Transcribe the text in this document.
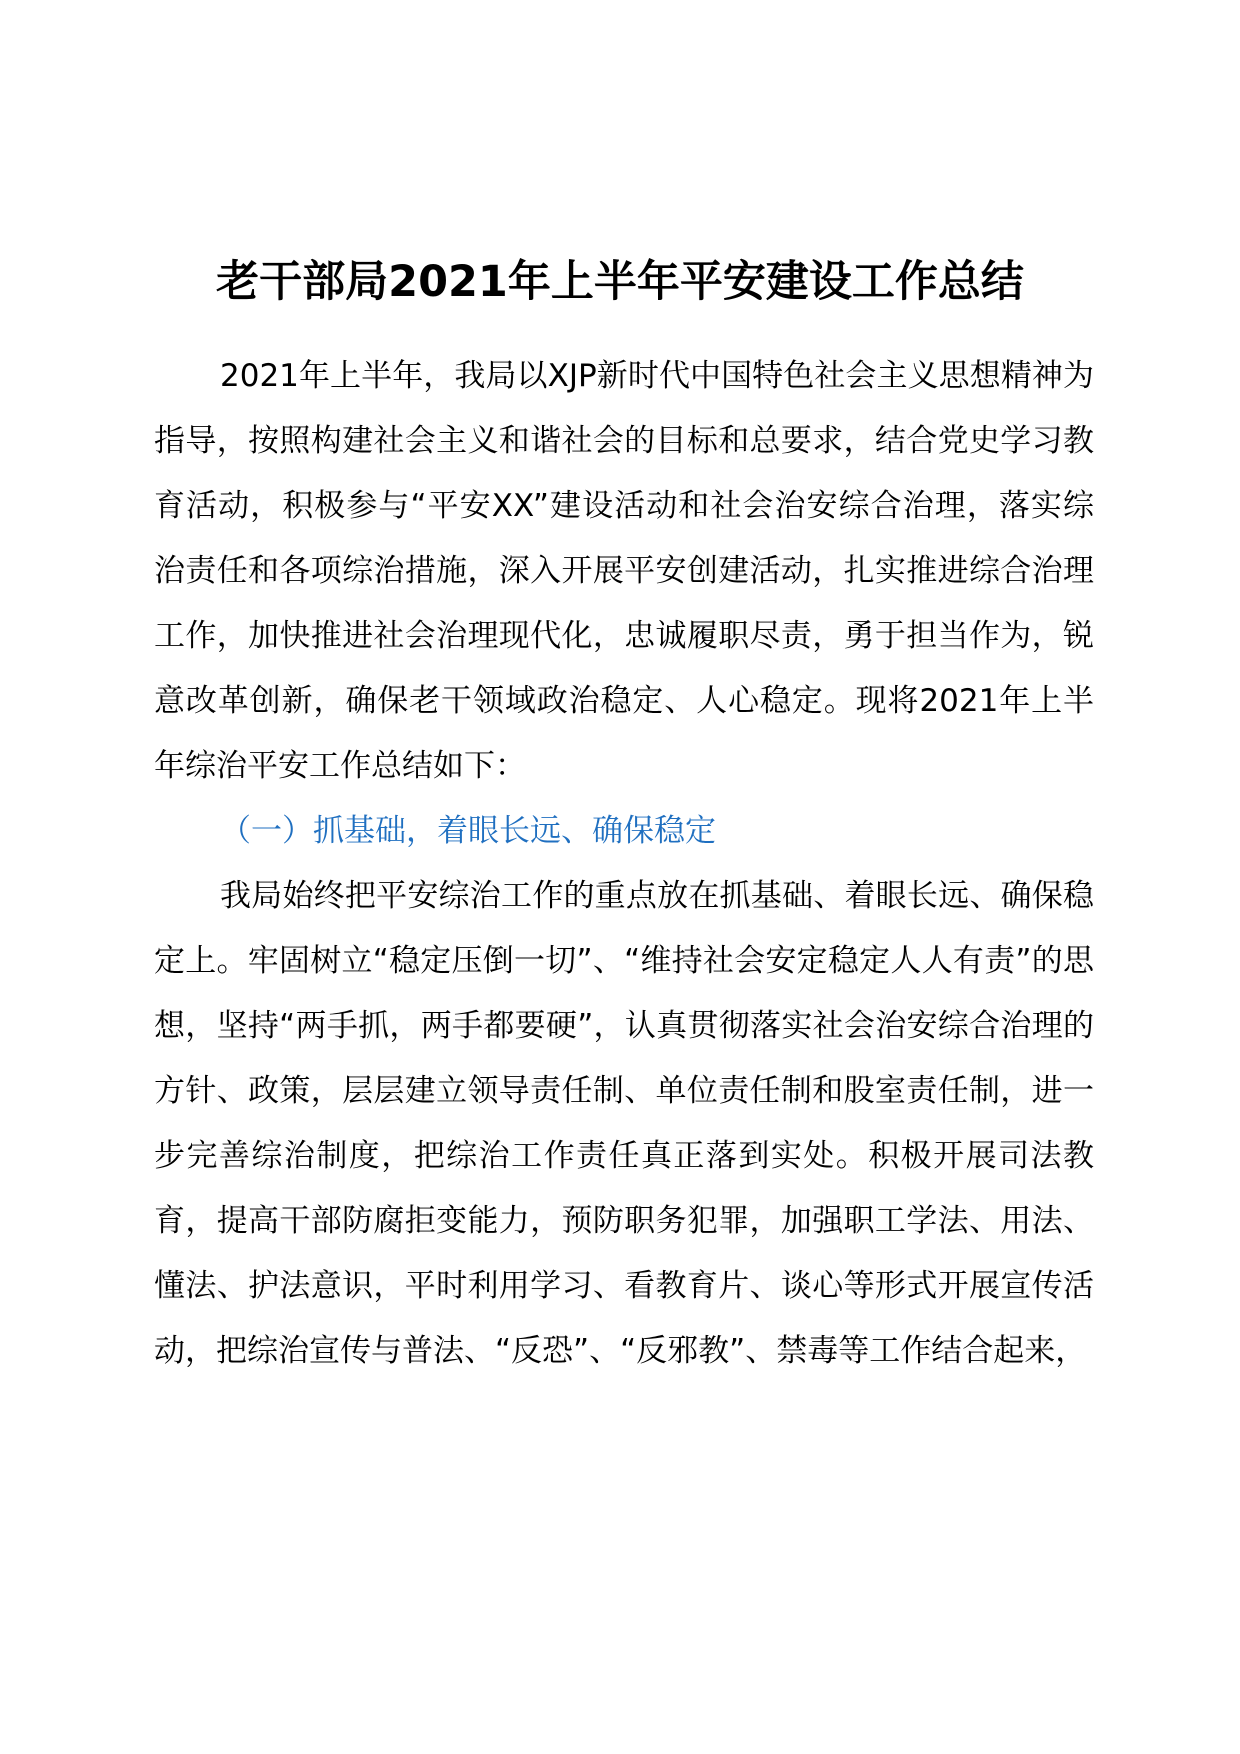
老干部局2021年上半年平安建设工作总结

2021年上半年，我局以XJP新时代中国特色社会主义思想精神为指导，按照构建社会主义和谐社会的目标和总要求，结合党史学习教育活动，积极参与“平安XX”建设活动和社会治安综合治理，落实综治责任和各项综治措施，深入开展平安创建活动，扎实推进综合治理工作，加快推进社会治理现代化，忠诚履职尽责，勇于担当作为，锐意改革创新，确保老干领域政治稳定、人心稳定。现将2021年上半年综治平安工作总结如下：

（一）抓基础，着眼长远、确保稳定

我局始终把平安综治工作的重点放在抓基础、着眼长远、确保稳定上。牢固树立“稳定压倒一切”、“维持社会安定稳定人人有责”的思想，坚持“两手抓，两手都要硬”，认真贯彻落实社会治安综合治理的方针、政策，层层建立领导责任制、单位责任制和股室责任制，进一步完善综治制度，把综治工作责任真正落到实处。积极开展司法教育，提高干部防腐拒变能力，预防职务犯罪，加强职工学法、用法、懂法、护法意识，平时利用学习、看教育片、谈心等形式开展宣传活动，把综治宣传与普法、“反恐”、“反邪教”、禁毒等工作结合起来，
